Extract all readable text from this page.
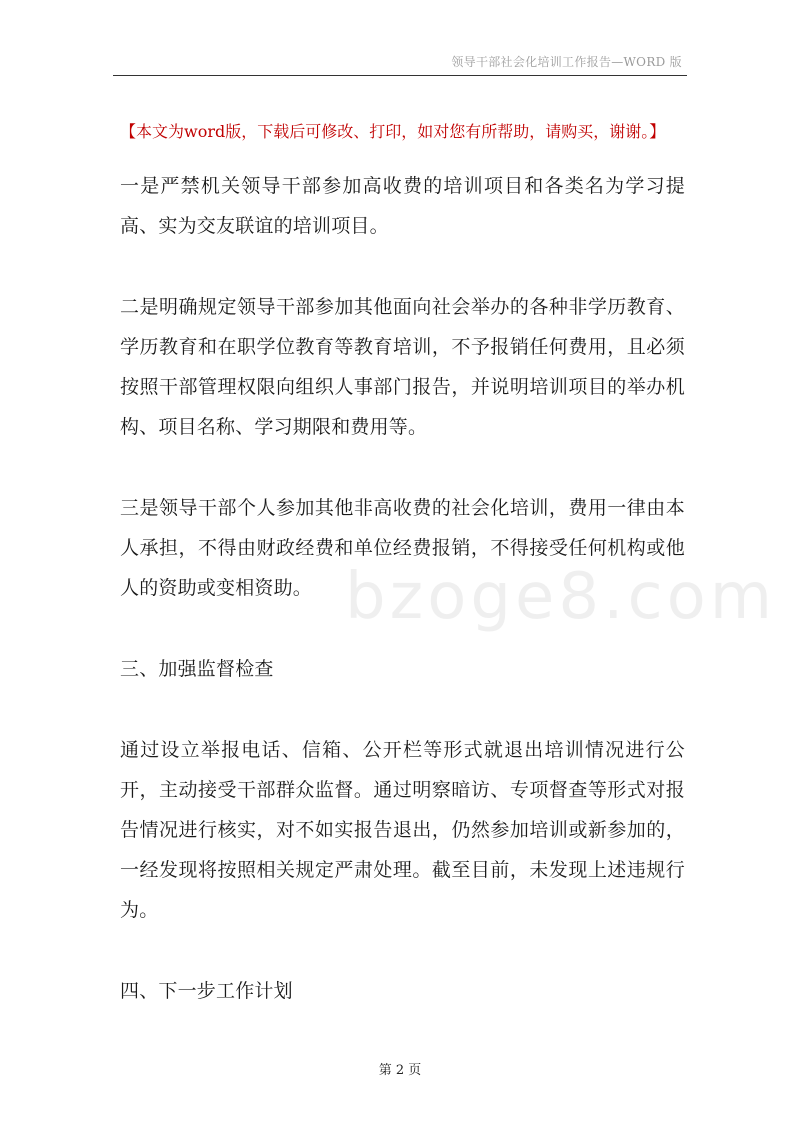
领导干部社会化培训工作报告—WORD 版
【本文为word版，下载后可修改、打印，如对您有所帮助，请购买，谢谢。】
bzoge8.com

一是严禁机关领导干部参加高收费的培训项目和各类名为学习提高、实为交友联谊的培训项目。

二是明确规定领导干部参加其他面向社会举办的各种非学历教育、学历教育和在职学位教育等教育培训，不予报销任何费用，且必须按照干部管理权限向组织人事部门报告，并说明培训项目的举办机构、项目名称、学习期限和费用等。

三是领导干部个人参加其他非高收费的社会化培训，费用一律由本人承担，不得由财政经费和单位经费报销，不得接受任何机构或他人的资助或变相资助。

三、加强监督检查

通过设立举报电话、信箱、公开栏等形式就退出培训情况进行公开，主动接受干部群众监督。通过明察暗访、专项督查等形式对报告情况进行核实，对不如实报告退出，仍然参加培训或新参加的，一经发现将按照相关规定严肃处理。截至目前，未发现上述违规行为。

四、下一步工作计划

第 2 页
